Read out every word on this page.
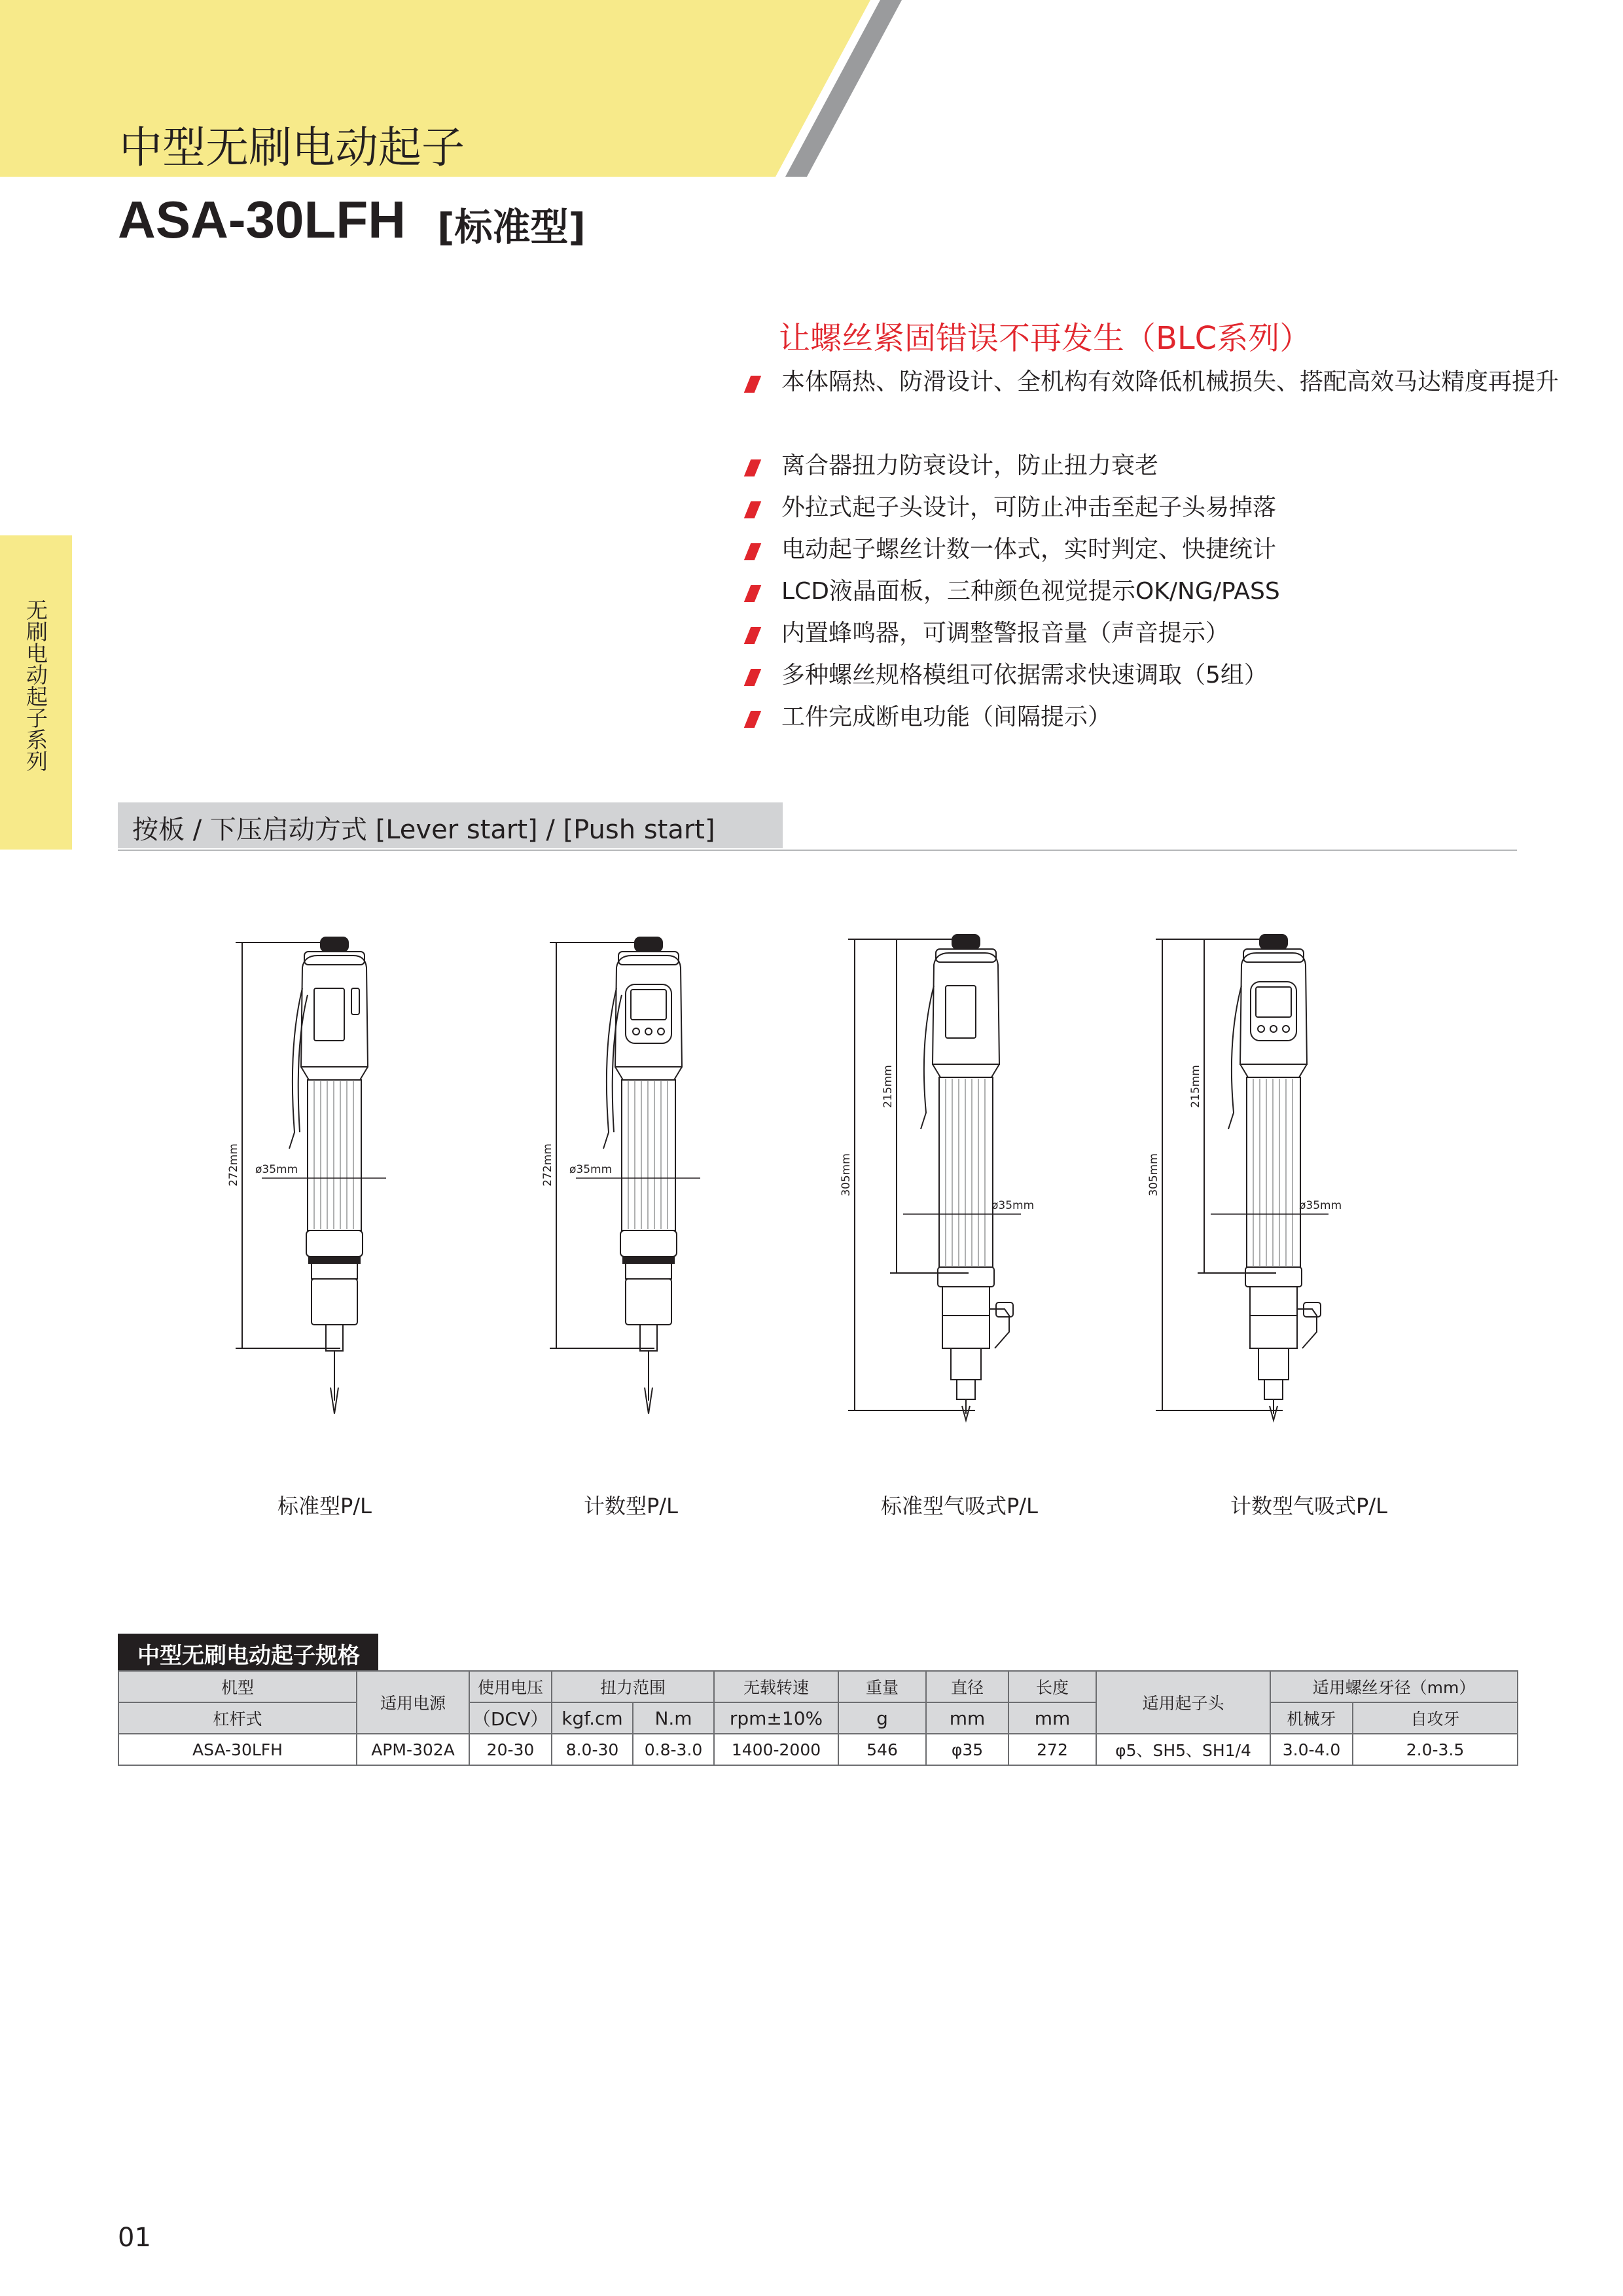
中型无刷电动起子
ASA-30LFH [标准型]
无刷电动起子系列
让螺丝紧固错误不再发生（BLC系列）
本体隔热、防滑设计、全机构有效降低机械损失、搭配高效马达精度再提升
离合器扭力防衰设计，防止扭力衰老
外拉式起子头设计，可防止冲击至起子头易掉落
电动起子螺丝计数一体式，实时判定、快捷统计
LCD液晶面板，三种颜色视觉提示OK/NG/PASS
内置蜂鸣器，可调整警报音量（声音提示）
多种螺丝规格模组可依据需求快速调取（5组）
工件完成断电功能（间隔提示）
按板 / 下压启动方式 [Lever start] / [Push start]
ø35mm
272mm	ø35mm
272mm
ø35mm
305mm
215mm
ø35mm
305mm
215mm
标准型P/L	计数型P/L	标准型气吸式P/L	计数型气吸式P/L
中型无刷电动起子规格
机型	适用电源	使用电压	扭力范围		无载转速	重量	直径	长度	适用起子头	适用螺丝牙径（mm）	
杠杆式		（DCV）	kgf.cm	N.m	rpm±10%	g	mm	mm		机械牙	自攻牙
ASA-30LFH	APM-302A	20-30	8.0-30	0.8-3.0	1400-2000	546	φ35	272	φ5、SH5、SH1/4	3.0-4.0	2.0-3.5
01
